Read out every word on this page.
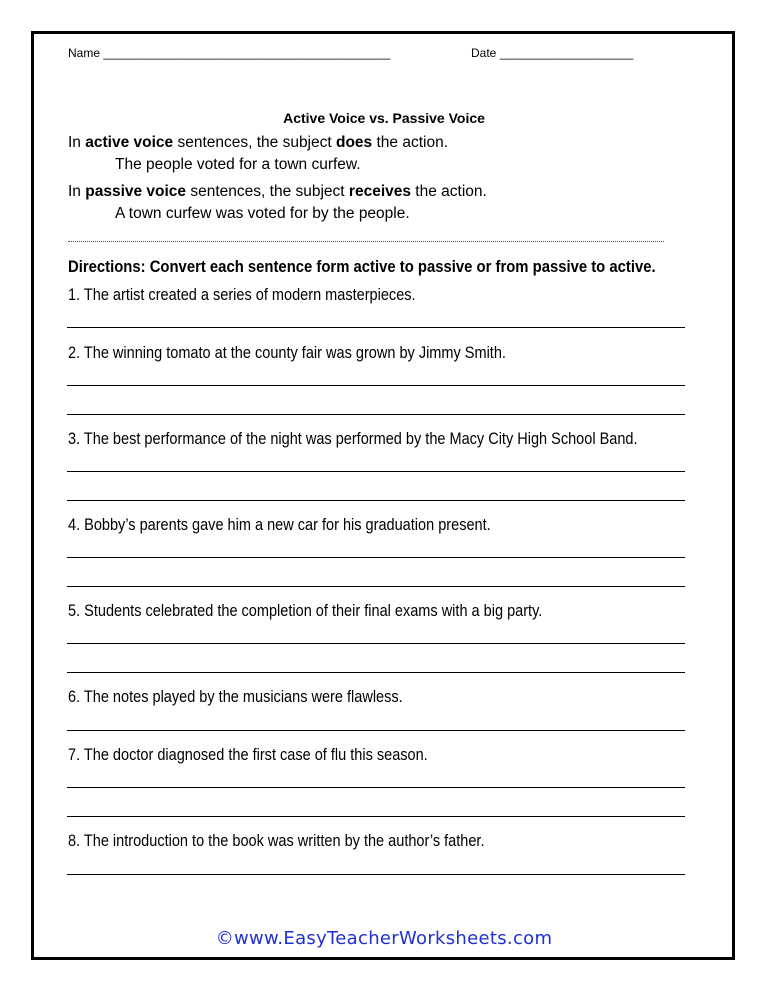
Name ___________________________________________	Date ____________________
Active Voice vs. Passive Voice
In active voice sentences, the subject does the action.
The people voted for a town curfew.
In passive voice sentences, the subject receives the action.
A town curfew was voted for by the people.
Directions: Convert each sentence form active to passive or from passive to active.
1. The artist created a series of modern masterpieces.
2. The winning tomato at the county fair was grown by Jimmy Smith.
3. The best performance of the night was performed by the Macy City High School Band.
4. Bobby’s parents gave him a new car for his graduation present.
5. Students celebrated the completion of their final exams with a big party.
6. The notes played by the musicians were flawless.
7. The doctor diagnosed the first case of flu this season.
8. The introduction to the book was written by the author’s father.
©www.EasyTeacherWorksheets.com
